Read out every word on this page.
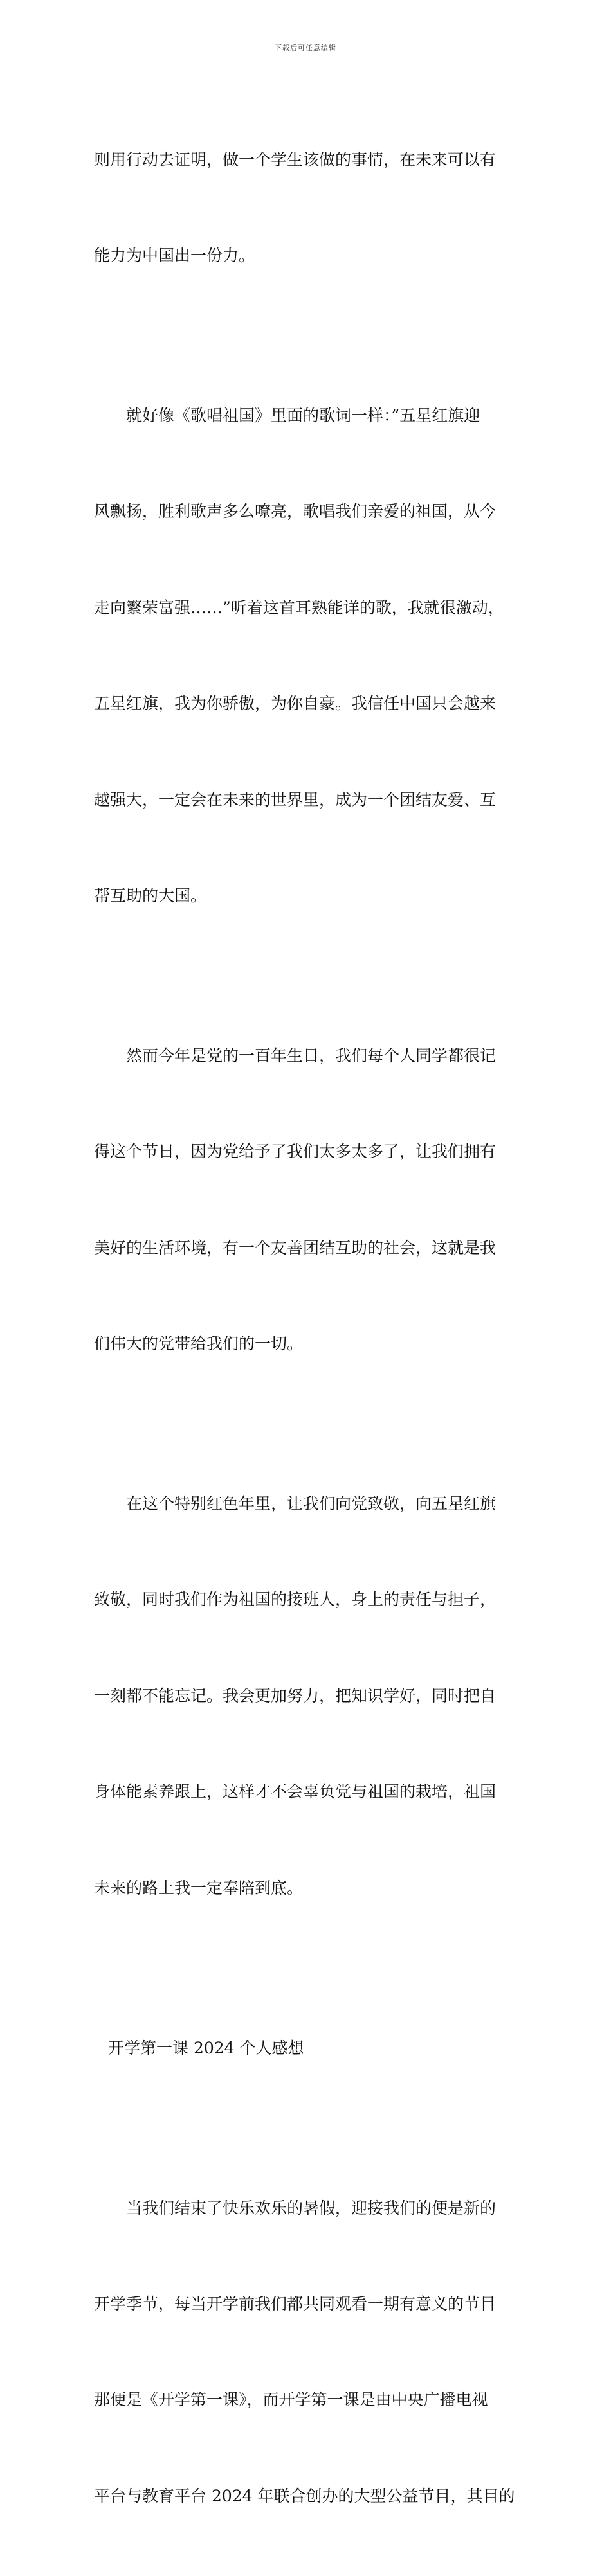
下载后可任意编辑

则用行动去证明，做一个学生该做的事情，在未来可以有

能力为中国出一份力。

就好像《歌唱祖国》里面的歌词一样：”五星红旗迎

风飘扬，胜利歌声多么嘹亮，歌唱我们亲爱的祖国，从今

走向繁荣富强……”听着这首耳熟能详的歌，我就很激动，

五星红旗，我为你骄傲，为你自豪。我信任中国只会越来

越强大，一定会在未来的世界里，成为一个团结友爱、互

帮互助的大国。

然而今年是党的一百年生日，我们每个人同学都很记

得这个节日，因为党给予了我们太多太多了，让我们拥有

美好的生活环境，有一个友善团结互助的社会，这就是我

们伟大的党带给我们的一切。

在这个特别红色年里，让我们向党致敬，向五星红旗

致敬，同时我们作为祖国的接班人，身上的责任与担子，

一刻都不能忘记。我会更加努力，把知识学好，同时把自

身体能素养跟上，这样才不会辜负党与祖国的栽培，祖国

未来的路上我一定奉陪到底。

开学第一课 2024 个人感想

当我们结束了快乐欢乐的暑假，迎接我们的便是新的

开学季节，每当开学前我们都共同观看一期有意义的节目

那便是《开学第一课》，而开学第一课是由中央广播电视

平台与教育平台 2024 年联合创办的大型公益节目，其目的
